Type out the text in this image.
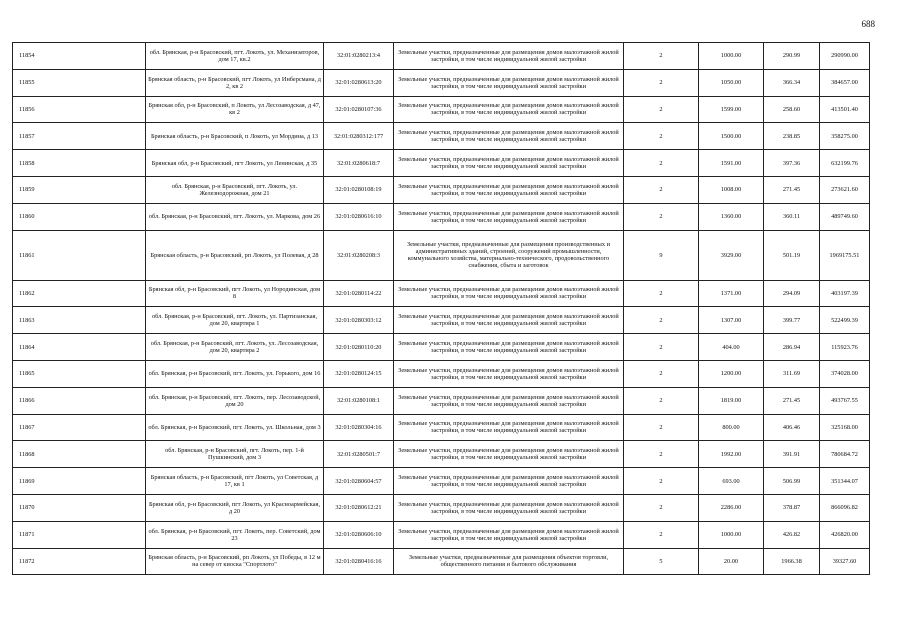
688
11854	обл. Брянская, р-н Брасовский, пгт. Локоть, ул. Механизаторов, дом 17, кв.2	32:01:0280213:4	Земельные участки, предназначенные для размещения домов малоэтажной жилой застройки, в том числе индивидуальной жилой застройки	2	1000.00	290.99	290990.00
11855	Брянская область, р-н Брасовский, пгт Локоть, ул Инберсмана, д 2, кв 2	32:01:0280613:20	Земельные участки, предназначенные для размещения домов малоэтажной жилой застройки, в том числе индивидуальной жилой застройки	2	1050.00	366.34	384657.00
11856	Брянская обл, р-н Брасовский, п Локоть, ул Лесозаводская, д 47, кв 2	32:01:0280107:36	Земельные участки, предназначенные для размещения домов малоэтажной жилой застройки, в том числе индивидуальной жилой застройки	2	1599.00	258.60	413501.40
11857	Брянская область, р-н Брасовский, п Локоть, ул Мордина, д 13	32:01:0280312:177	Земельные участки, предназначенные для размещения домов малоэтажной жилой застройки, в том числе индивидуальной жилой застройки	2	1500.00	238.85	358275.00
11858	Брянская обл, р-н Брасовский, пгт Локоть, ул Ленинская, д 35	32:01:0280618:7	Земельные участки, предназначенные для размещения домов малоэтажной жилой застройки, в том числе индивидуальной жилой застройки	2	1591.00	397.36	632199.76
11859	обл. Брянская, р-н Брасовский, пгт. Локоть, ул. Железнодорожная, дом 21	32:01:0280108:19	Земельные участки, предназначенные для размещения домов малоэтажной жилой застройки, в том числе индивидуальной жилой застройки	2	1008.00	271.45	273621.60
11860	обл. Брянская, р-н Брасовский, пгт. Локоть, ул. Маркова, дом 26	32:01:0280616:10	Земельные участки, предназначенные для размещения домов малоэтажной жилой застройки, в том числе индивидуальной жилой застройки	2	1360.00	360.11	489749.60
11861	Брянская область, р-н Брасовский, рп Локоть, ул Полевая, д 28	32:01:0280208:3	Земельные участки, предназначенные для размещения производственных и административных зданий, строений, сооружений промышленности, коммунального хозяйства, материально-технического, продовольственного снабжения, сбыта и заготовок	9	3929.00	501.19	1969175.51
11862	Брянская обл, р-н Брасовский, пгт Локоть, ул Нородинская, дом 8	32:01:0280114:22	Земельные участки, предназначенные для размещения домов малоэтажной жилой застройки, в том числе индивидуальной жилой застройки	2	1371.00	294.09	403197.39
11863	обл. Брянская, р-н Брасовский, пгт. Локоть, ул. Партизанская, дом 20, квартира 1	32:01:0280303:12	Земельные участки, предназначенные для размещения домов малоэтажной жилой застройки, в том числе индивидуальной жилой застройки	2	1307.00	399.77	522499.39
11864	обл. Брянская, р-н Брасовский, пгт. Локоть, ул. Лесозаводская, дом 20, квартира 2	32:01:0280110:20	Земельные участки, предназначенные для размещения домов малоэтажной жилой застройки, в том числе индивидуальной жилой застройки	2	404.00	286.94	115923.76
11865	обл. Брянская, р-н Брасовский, пгт. Локоть, ул. Горького, дом 16	32:01:0280124:15	Земельные участки, предназначенные для размещения домов малоэтажной жилой застройки, в том числе индивидуальной жилой застройки	2	1200.00	311.69	374028.00
11866	обл. Брянская, р-н Брасовский, пгт. Локоть, пер. Лесозаводской, дом 20	32:01:0280108:1	Земельные участки, предназначенные для размещения домов малоэтажной жилой застройки, в том числе индивидуальной жилой застройки	2	1819.00	271.45	493767.55
11867	обл. Брянская, р-н Брасовский, пгт. Локоть, ул. Школьная, дом 3	32:01:0280304:16	Земельные участки, предназначенные для размещения домов малоэтажной жилой застройки, в том числе индивидуальной жилой застройки	2	800.00	406.46	325168.00
11868	обл. Брянская, р-н Брасовский, пгт. Локоть, пер. 1-й Пушкинский, дом 3	32:01:0280501:7	Земельные участки, предназначенные для размещения домов малоэтажной жилой застройки, в том числе индивидуальной жилой застройки	2	1992.00	391.91	780684.72
11869	Брянская область, р-н Брасовский, пгт Локоть, ул Советская, д 17, кв 1	32:01:0280604:57	Земельные участки, предназначенные для размещения домов малоэтажной жилой застройки, в том числе индивидуальной жилой застройки	2	693.00	506.99	351344.07
11870	Брянская обл, р-н Брасовский, пгт Локоть, ул Красноармейская, д 20	32:01:0280612:21	Земельные участки, предназначенные для размещения домов малоэтажной жилой застройки, в том числе индивидуальной жилой застройки	2	2286.00	378.87	866096.82
11871	обл. Брянская, р-н Брасовский, пгт. Локоть, пер. Советский, дом 23	32:01:0280606:10	Земельные участки, предназначенные для размещения домов малоэтажной жилой застройки, в том числе индивидуальной жилой застройки	2	1000.00	426.82	426820.00
11872	Брянская область, р-н Брасовский, рп Локоть, ул Победы, в 12 м на север от киоска "Спортлото"	32:01:0280416:16	Земельные участки, предназначенные для размещения объектов торговли, общественного питания и бытового обслуживания	5	20.00	1966.38	39327.60
